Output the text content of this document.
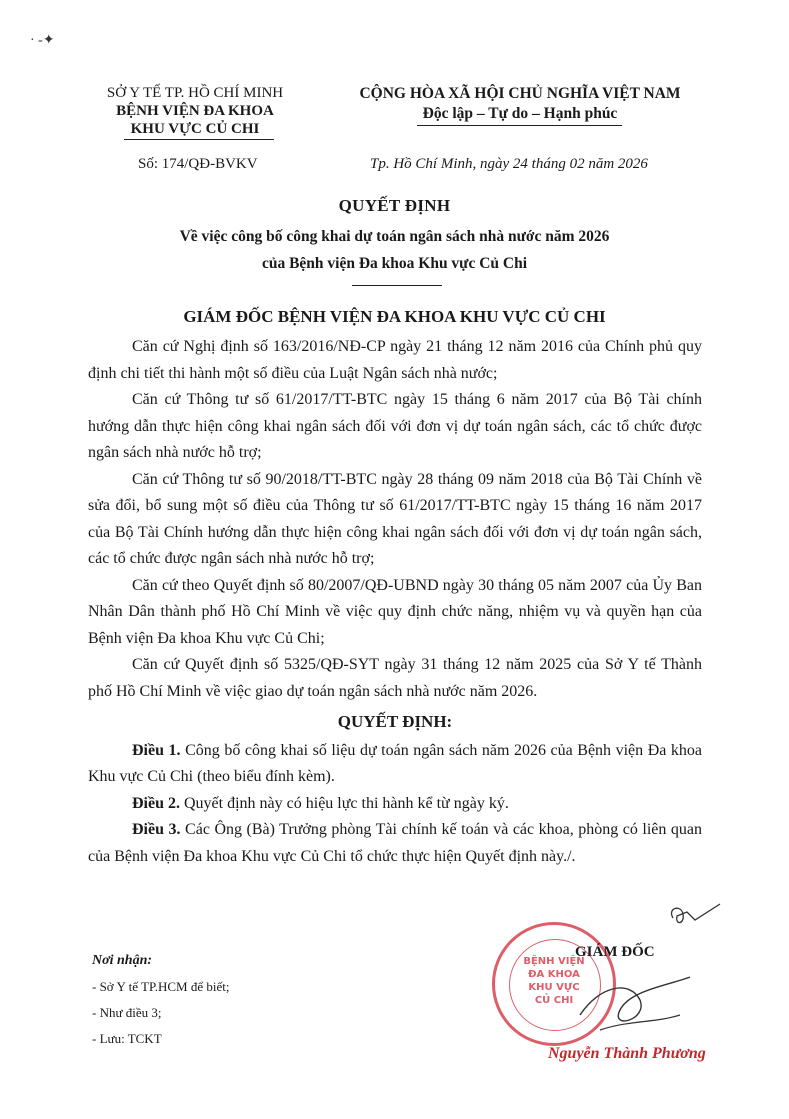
· -✦
SỞ Y TẾ TP. HỒ CHÍ MINH
BỆNH VIỆN ĐA KHOA
KHU VỰC CỦ CHI
CỘNG HÒA XÃ HỘI CHỦ NGHĨA VIỆT NAM
Độc lập – Tự do – Hạnh phúc
Số: 174/QĐ-BVKV	Tp. Hồ Chí Minh, ngày 24 tháng 02 năm 2026
QUYẾT ĐỊNH
Về việc công bố công khai dự toán ngân sách nhà nước năm 2026
của Bệnh viện Đa khoa Khu vực Củ Chi
GIÁM ĐỐC BỆNH VIỆN ĐA KHOA KHU VỰC CỦ CHI

Căn cứ Nghị định số 163/2016/NĐ-CP ngày 21 tháng 12 năm 2016 của Chính phủ quy định chi tiết thi hành một số điều của Luật Ngân sách nhà nước;

Căn cứ Thông tư số 61/2017/TT-BTC ngày 15 tháng 6 năm 2017 của Bộ Tài chính hướng dẫn thực hiện công khai ngân sách đối với đơn vị dự toán ngân sách, các tổ chức được ngân sách nhà nước hỗ trợ;

Căn cứ Thông tư số 90/2018/TT-BTC ngày 28 tháng 09 năm 2018 của Bộ Tài Chính về sửa đổi, bổ sung một số điều của Thông tư số 61/2017/TT-BTC ngày 15 tháng 16 năm 2017 của Bộ Tài Chính hướng dẫn thực hiện công khai ngân sách đối với đơn vị dự toán ngân sách, các tổ chức được ngân sách nhà nước hỗ trợ;

Căn cứ theo Quyết định số 80/2007/QĐ-UBND ngày 30 tháng 05 năm 2007 của Ủy Ban Nhân Dân thành phố Hồ Chí Minh về việc quy định chức năng, nhiệm vụ và quyền hạn của Bệnh viện Đa khoa Khu vực Củ Chi;

Căn cứ Quyết định số 5325/QĐ-SYT ngày 31 tháng 12 năm 2025 của Sở Y tế Thành phố Hồ Chí Minh về việc giao dự toán ngân sách nhà nước năm 2026.

QUYẾT ĐỊNH:

Điều 1. Công bố công khai số liệu dự toán ngân sách năm 2026 của Bệnh viện Đa khoa Khu vực Củ Chi (theo biểu đính kèm).

Điều 2. Quyết định này có hiệu lực thi hành kể từ ngày ký.

Điều 3. Các Ông (Bà) Trưởng phòng Tài chính kế toán và các khoa, phòng có liên quan của Bệnh viện Đa khoa Khu vực Củ Chi tổ chức thực hiện Quyết định này./.

Nơi nhận:
- Sở Y tế TP.HCM để biết;
- Như điều 3;
- Lưu: TCKT
BỆNH VIỆN
ĐA KHOA
KHU VỰC
CỦ CHI
GIÁM ĐỐC
Nguyễn Thành Phương
